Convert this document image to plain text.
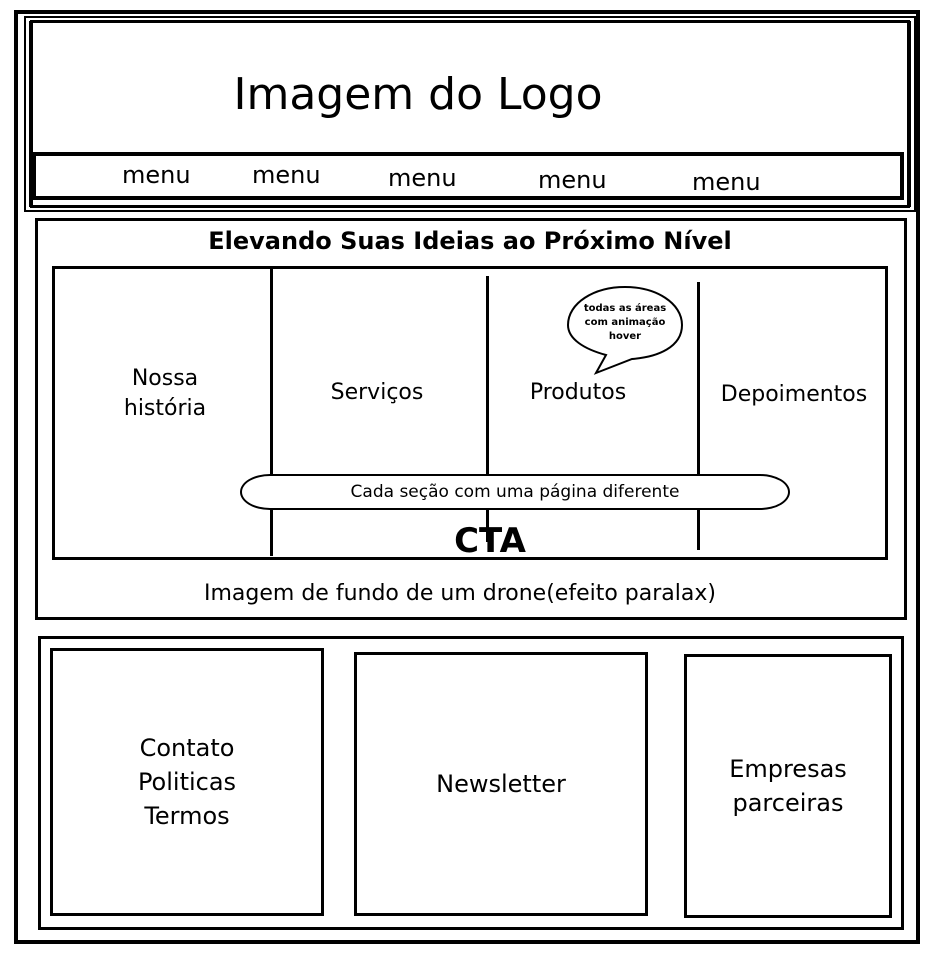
Imagem do Logo
menu	menu	menu	menu	menu
Elevando Suas Ideias ao Próximo Nível
Nossa
história
Serviços	Produtos	Depoimentos
todas as áreas
com animação
hover
Cada seção com uma página diferente
CTA
Imagem de fundo de um drone(efeito paralax)
Contato
Politicas
Termos
Newsletter
Empresas
parceiras
